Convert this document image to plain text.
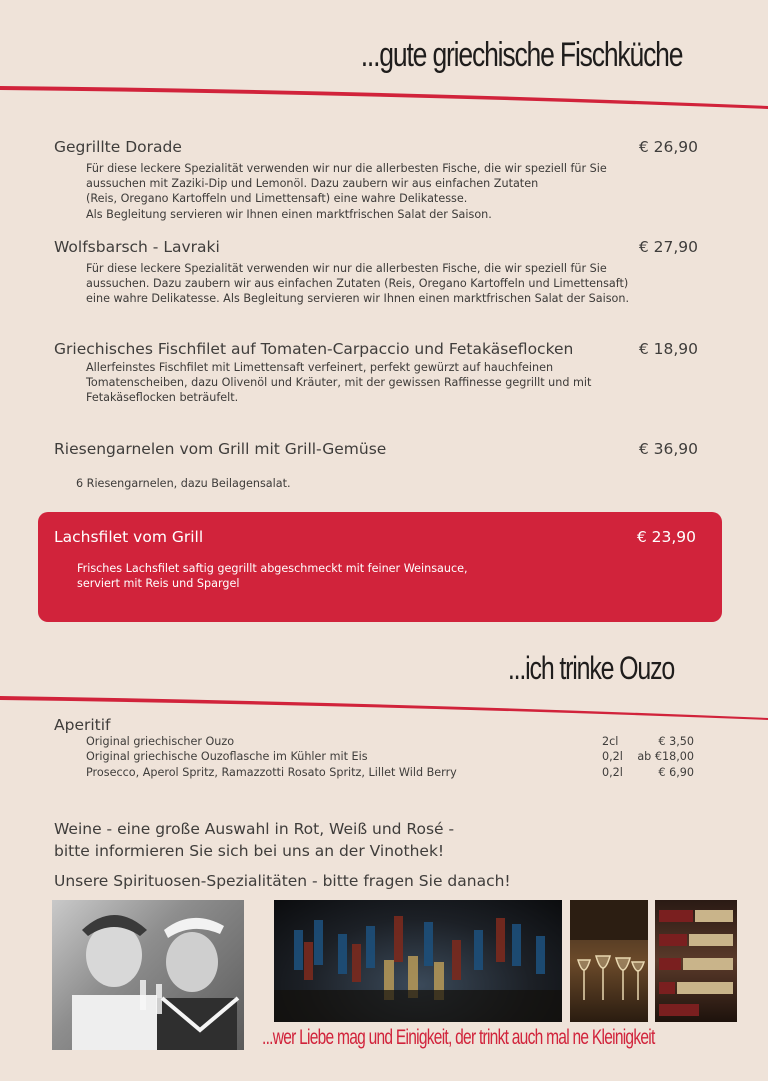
...gute griechische Fischküche
Gegrillte Dorade	€ 26,90
Für diese leckere Spezialität verwenden wir nur die allerbesten Fische, die wir speziell für Sie
aussuchen mit Zaziki-Dip und Lemonöl. Dazu zaubern wir aus einfachen Zutaten
(Reis, Oregano Kartoffeln und Limettensaft) eine wahre Delikatesse.
Als Begleitung servieren wir Ihnen einen marktfrischen Salat der Saison.
Wolfsbarsch - Lavraki	€ 27,90
Für diese leckere Spezialität verwenden wir nur die allerbesten Fische, die wir speziell für Sie
aussuchen. Dazu zaubern wir aus einfachen Zutaten (Reis, Oregano Kartoffeln und Limettensaft)
eine wahre Delikatesse. Als Begleitung servieren wir Ihnen einen marktfrischen Salat der Saison.
Griechisches Fischfilet auf Tomaten-Carpaccio und Fetakäseflocken	€ 18,90
Allerfeinstes Fischfilet mit Limettensaft verfeinert, perfekt gewürzt auf hauchfeinen
Tomatenscheiben, dazu Olivenöl und Kräuter, mit der gewissen Raffinesse gegrillt und mit
Fetakäseflocken beträufelt.
Riesengarnelen vom Grill mit Grill-Gemüse	€ 36,90
6 Riesengarnelen, dazu Beilagensalat.
Lachsfilet vom Grill	€ 23,90
Frisches Lachsfilet saftig gegrillt abgeschmeckt mit feiner Weinsauce,
serviert mit Reis und Spargel
...ich trinke Ouzo
Aperitif
Original griechischer Ouzo	2cl	€ 3,50
Original griechische Ouzoflasche im Kühler mit Eis	0,2l ab €18,00
Prosecco, Aperol Spritz, Ramazzotti Rosato Spritz, Lillet Wild Berry	0,2l	€ 6,90
Weine - eine große Auswahl in Rot, Weiß und Rosé -
bitte informieren Sie sich bei uns an der Vinothek!
Unsere Spirituosen-Spezialitäten - bitte fragen Sie danach!
...wer Liebe mag und Einigkeit, der trinkt auch mal ne Kleinigkeit
